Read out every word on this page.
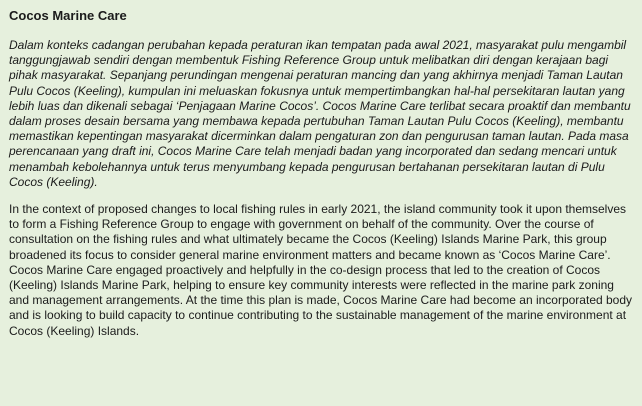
Cocos Marine Care

Dalam konteks cadangan perubahan kepada peraturan ikan tempatan pada awal 2021, masyarakat pulu mengambil tanggungjawab sendiri dengan membentuk Fishing Reference Group untuk melibatkan diri dengan kerajaan bagi pihak masyarakat. Sepanjang perundingan mengenai peraturan mancing dan yang akhirnya menjadi Taman Lautan Pulu Cocos (Keeling), kumpulan ini meluaskan fokusnya untuk mempertimbangkan hal-hal persekitaran lautan yang lebih luas dan dikenali sebagai ‘Penjagaan Marine Cocos’. Cocos Marine Care terlibat secara proaktif dan membantu dalam proses desain bersama yang membawa kepada pertubuhan Taman Lautan Pulu Cocos (Keeling), membantu memastikan kepentingan masyarakat dicerminkan dalam pengaturan zon dan pengurusan taman lautan. Pada masa perencanaan yang draft ini, Cocos Marine Care telah menjadi badan yang incorporated dan sedang mencari untuk menambah kebolehannya untuk terus menyumbang kepada pengurusan bertahanan persekitaran lautan di Pulu Cocos (Keeling).

In the context of proposed changes to local fishing rules in early 2021, the island community took it upon themselves to form a Fishing Reference Group to engage with government on behalf of the community. Over the course of consultation on the fishing rules and what ultimately became the Cocos (Keeling) Islands Marine Park, this group broadened its focus to consider general marine environment matters and became known as ‘Cocos Marine Care’. Cocos Marine Care engaged proactively and helpfully in the co-design process that led to the creation of Cocos (Keeling) Islands Marine Park, helping to ensure key community interests were reflected in the marine park zoning and management arrangements. At the time this plan is made, Cocos Marine Care had become an incorporated body and is looking to build capacity to continue contributing to the sustainable management of the marine environment at Cocos (Keeling) Islands.
